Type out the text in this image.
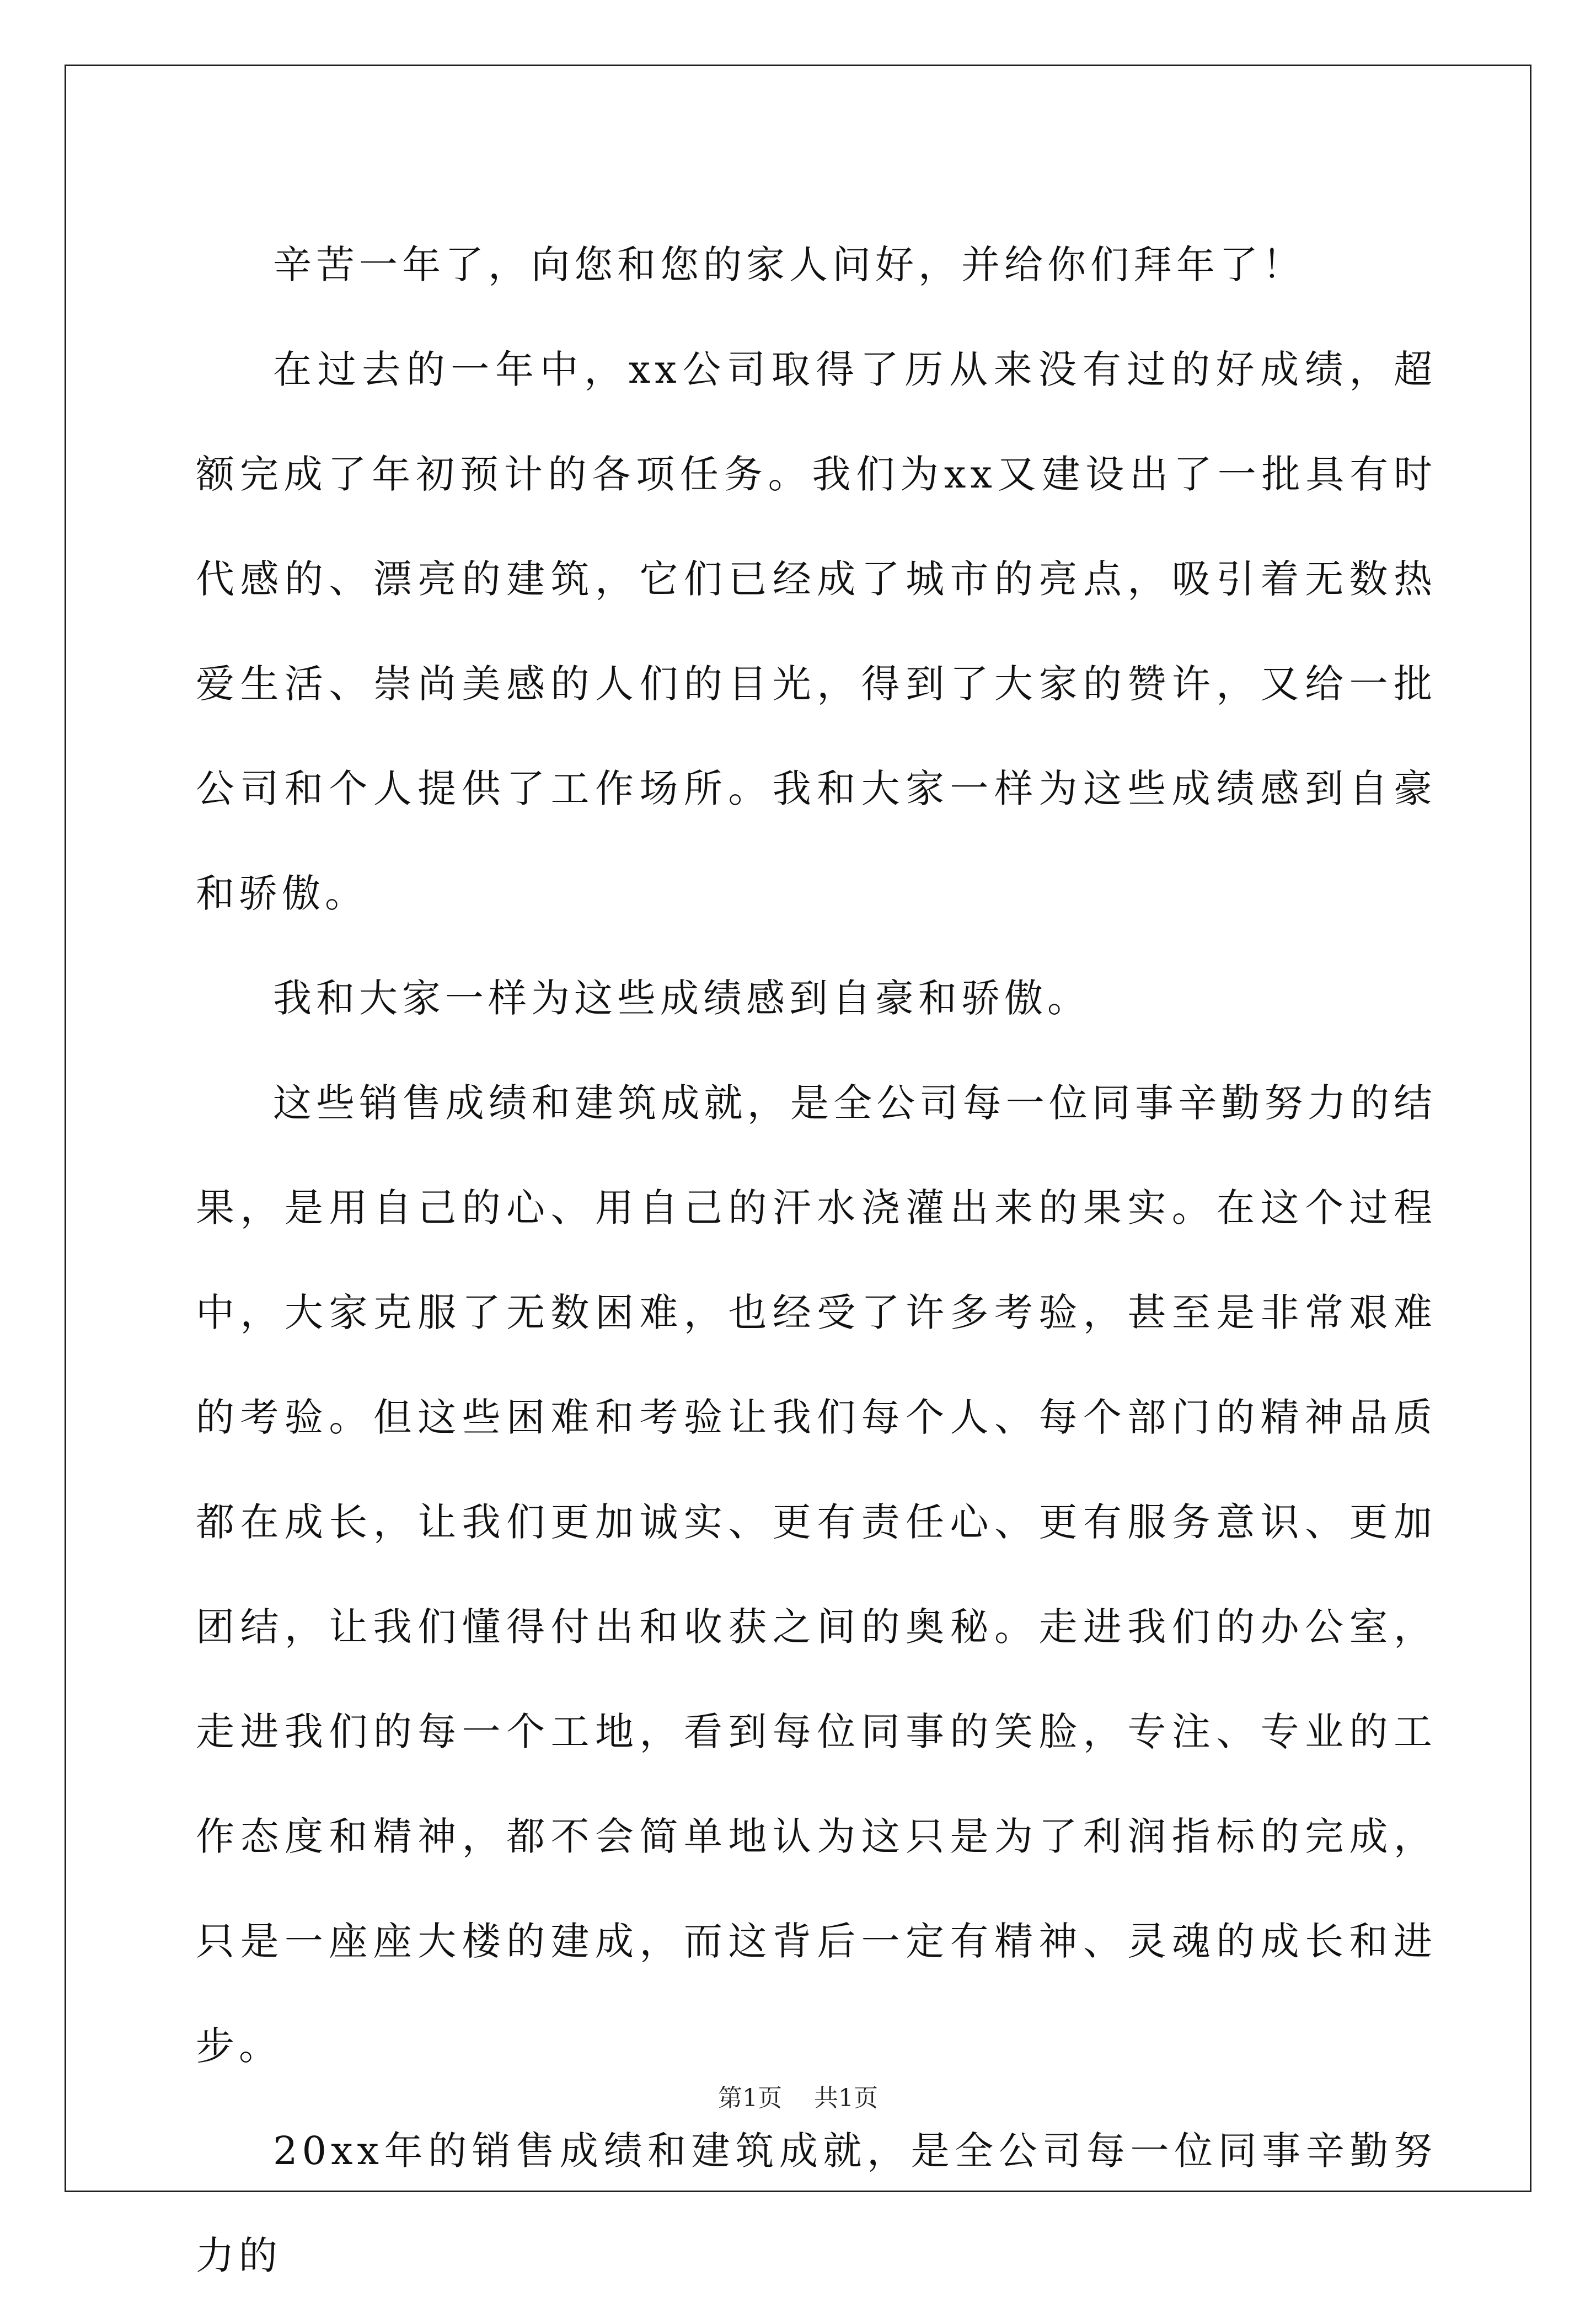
辛苦一年了，向您和您的家人问好，并给你们拜年了！

在过去的一年中，xx公司取得了历从来没有过的好成绩，超额完成了年初预计的各项任务。我们为xx又建设出了一批具有时代感的、漂亮的建筑，它们已经成了城市的亮点，吸引着无数热爱生活、崇尚美感的人们的目光，得到了大家的赞许，又给一批公司和个人提供了工作场所。我和大家一样为这些成绩感到自豪和骄傲。

我和大家一样为这些成绩感到自豪和骄傲。

这些销售成绩和建筑成就，是全公司每一位同事辛勤努力的结果，是用自己的心、用自己的汗水浇灌出来的果实。在这个过程中，大家克服了无数困难，也经受了许多考验，甚至是非常艰难的考验。但这些困难和考验让我们每个人、每个部门的精神品质都在成长，让我们更加诚实、更有责任心、更有服务意识、更加团结，让我们懂得付出和收获之间的奥秘。走进我们的办公室，走进我们的每一个工地，看到每位同事的笑脸，专注、专业的工作态度和精神，都不会简单地认为这只是为了利润指标的完成，只是一座座大楼的建成，而这背后一定有精神、灵魂的成长和进步。

20xx年的销售成绩和建筑成就，是全公司每一位同事辛勤努力的

第1页 共1页
